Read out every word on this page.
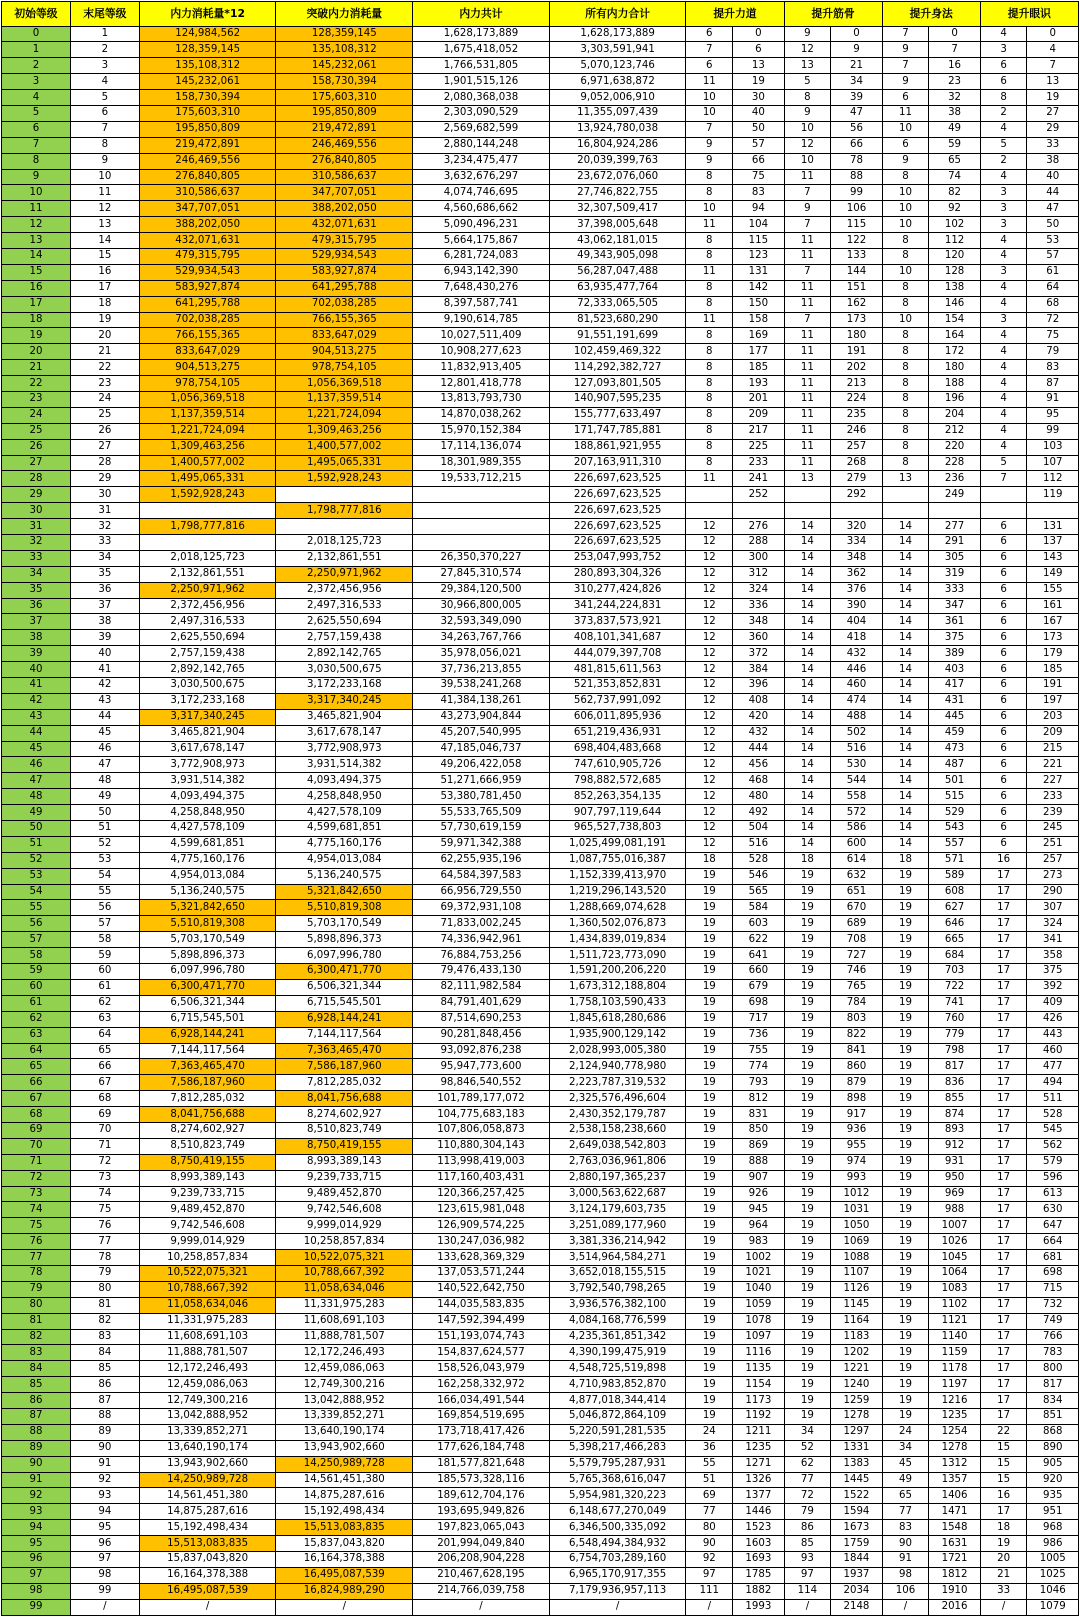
初始等级	末尾等级	内力消耗量*12	突破内力消耗量	内力共计	所有内力合计	提升力道		提升筋骨		提升身法		提升眼识	
0	1	124,984,562	128,359,145	1,628,173,889	1,628,173,889	6	0	9	0	7	0	4	0
1	2	128,359,145	135,108,312	1,675,418,052	3,303,591,941	7	6	12	9	9	7	3	4
2	3	135,108,312	145,232,061	1,766,531,805	5,070,123,746	6	13	13	21	7	16	6	7
3	4	145,232,061	158,730,394	1,901,515,126	6,971,638,872	11	19	5	34	9	23	6	13
4	5	158,730,394	175,603,310	2,080,368,038	9,052,006,910	10	30	8	39	6	32	8	19
5	6	175,603,310	195,850,809	2,303,090,529	11,355,097,439	10	40	9	47	11	38	2	27
6	7	195,850,809	219,472,891	2,569,682,599	13,924,780,038	7	50	10	56	10	49	4	29
7	8	219,472,891	246,469,556	2,880,144,248	16,804,924,286	9	57	12	66	6	59	5	33
8	9	246,469,556	276,840,805	3,234,475,477	20,039,399,763	9	66	10	78	9	65	2	38
9	10	276,840,805	310,586,637	3,632,676,297	23,672,076,060	8	75	11	88	8	74	4	40
10	11	310,586,637	347,707,051	4,074,746,695	27,746,822,755	8	83	7	99	10	82	3	44
11	12	347,707,051	388,202,050	4,560,686,662	32,307,509,417	10	94	9	106	10	92	3	47
12	13	388,202,050	432,071,631	5,090,496,231	37,398,005,648	11	104	7	115	10	102	3	50
13	14	432,071,631	479,315,795	5,664,175,867	43,062,181,015	8	115	11	122	8	112	4	53
14	15	479,315,795	529,934,543	6,281,724,083	49,343,905,098	8	123	11	133	8	120	4	57
15	16	529,934,543	583,927,874	6,943,142,390	56,287,047,488	11	131	7	144	10	128	3	61
16	17	583,927,874	641,295,788	7,648,430,276	63,935,477,764	8	142	11	151	8	138	4	64
17	18	641,295,788	702,038,285	8,397,587,741	72,333,065,505	8	150	11	162	8	146	4	68
18	19	702,038,285	766,155,365	9,190,614,785	81,523,680,290	11	158	7	173	10	154	3	72
19	20	766,155,365	833,647,029	10,027,511,409	91,551,191,699	8	169	11	180	8	164	4	75
20	21	833,647,029	904,513,275	10,908,277,623	102,459,469,322	8	177	11	191	8	172	4	79
21	22	904,513,275	978,754,105	11,832,913,405	114,292,382,727	8	185	11	202	8	180	4	83
22	23	978,754,105	1,056,369,518	12,801,418,778	127,093,801,505	8	193	11	213	8	188	4	87
23	24	1,056,369,518	1,137,359,514	13,813,793,730	140,907,595,235	8	201	11	224	8	196	4	91
24	25	1,137,359,514	1,221,724,094	14,870,038,262	155,777,633,497	8	209	11	235	8	204	4	95
25	26	1,221,724,094	1,309,463,256	15,970,152,384	171,747,785,881	8	217	11	246	8	212	4	99
26	27	1,309,463,256	1,400,577,002	17,114,136,074	188,861,921,955	8	225	11	257	8	220	4	103
27	28	1,400,577,002	1,495,065,331	18,301,989,355	207,163,911,310	8	233	11	268	8	228	5	107
28	29	1,495,065,331	1,592,928,243	19,533,712,215	226,697,623,525	11	241	13	279	13	236	7	112
29	30	1,592,928,243			226,697,623,525		252		292		249		119
30	31		1,798,777,816		226,697,623,525								
31	32	1,798,777,816			226,697,623,525	12	276	14	320	14	277	6	131
32	33		2,018,125,723		226,697,623,525	12	288	14	334	14	291	6	137
33	34	2,018,125,723	2,132,861,551	26,350,370,227	253,047,993,752	12	300	14	348	14	305	6	143
34	35	2,132,861,551	2,250,971,962	27,845,310,574	280,893,304,326	12	312	14	362	14	319	6	149
35	36	2,250,971,962	2,372,456,956	29,384,120,500	310,277,424,826	12	324	14	376	14	333	6	155
36	37	2,372,456,956	2,497,316,533	30,966,800,005	341,244,224,831	12	336	14	390	14	347	6	161
37	38	2,497,316,533	2,625,550,694	32,593,349,090	373,837,573,921	12	348	14	404	14	361	6	167
38	39	2,625,550,694	2,757,159,438	34,263,767,766	408,101,341,687	12	360	14	418	14	375	6	173
39	40	2,757,159,438	2,892,142,765	35,978,056,021	444,079,397,708	12	372	14	432	14	389	6	179
40	41	2,892,142,765	3,030,500,675	37,736,213,855	481,815,611,563	12	384	14	446	14	403	6	185
41	42	3,030,500,675	3,172,233,168	39,538,241,268	521,353,852,831	12	396	14	460	14	417	6	191
42	43	3,172,233,168	3,317,340,245	41,384,138,261	562,737,991,092	12	408	14	474	14	431	6	197
43	44	3,317,340,245	3,465,821,904	43,273,904,844	606,011,895,936	12	420	14	488	14	445	6	203
44	45	3,465,821,904	3,617,678,147	45,207,540,995	651,219,436,931	12	432	14	502	14	459	6	209
45	46	3,617,678,147	3,772,908,973	47,185,046,737	698,404,483,668	12	444	14	516	14	473	6	215
46	47	3,772,908,973	3,931,514,382	49,206,422,058	747,610,905,726	12	456	14	530	14	487	6	221
47	48	3,931,514,382	4,093,494,375	51,271,666,959	798,882,572,685	12	468	14	544	14	501	6	227
48	49	4,093,494,375	4,258,848,950	53,380,781,450	852,263,354,135	12	480	14	558	14	515	6	233
49	50	4,258,848,950	4,427,578,109	55,533,765,509	907,797,119,644	12	492	14	572	14	529	6	239
50	51	4,427,578,109	4,599,681,851	57,730,619,159	965,527,738,803	12	504	14	586	14	543	6	245
51	52	4,599,681,851	4,775,160,176	59,971,342,388	1,025,499,081,191	12	516	14	600	14	557	6	251
52	53	4,775,160,176	4,954,013,084	62,255,935,196	1,087,755,016,387	18	528	18	614	18	571	16	257
53	54	4,954,013,084	5,136,240,575	64,584,397,583	1,152,339,413,970	19	546	19	632	19	589	17	273
54	55	5,136,240,575	5,321,842,650	66,956,729,550	1,219,296,143,520	19	565	19	651	19	608	17	290
55	56	5,321,842,650	5,510,819,308	69,372,931,108	1,288,669,074,628	19	584	19	670	19	627	17	307
56	57	5,510,819,308	5,703,170,549	71,833,002,245	1,360,502,076,873	19	603	19	689	19	646	17	324
57	58	5,703,170,549	5,898,896,373	74,336,942,961	1,434,839,019,834	19	622	19	708	19	665	17	341
58	59	5,898,896,373	6,097,996,780	76,884,753,256	1,511,723,773,090	19	641	19	727	19	684	17	358
59	60	6,097,996,780	6,300,471,770	79,476,433,130	1,591,200,206,220	19	660	19	746	19	703	17	375
60	61	6,300,471,770	6,506,321,344	82,111,982,584	1,673,312,188,804	19	679	19	765	19	722	17	392
61	62	6,506,321,344	6,715,545,501	84,791,401,629	1,758,103,590,433	19	698	19	784	19	741	17	409
62	63	6,715,545,501	6,928,144,241	87,514,690,253	1,845,618,280,686	19	717	19	803	19	760	17	426
63	64	6,928,144,241	7,144,117,564	90,281,848,456	1,935,900,129,142	19	736	19	822	19	779	17	443
64	65	7,144,117,564	7,363,465,470	93,092,876,238	2,028,993,005,380	19	755	19	841	19	798	17	460
65	66	7,363,465,470	7,586,187,960	95,947,773,600	2,124,940,778,980	19	774	19	860	19	817	17	477
66	67	7,586,187,960	7,812,285,032	98,846,540,552	2,223,787,319,532	19	793	19	879	19	836	17	494
67	68	7,812,285,032	8,041,756,688	101,789,177,072	2,325,576,496,604	19	812	19	898	19	855	17	511
68	69	8,041,756,688	8,274,602,927	104,775,683,183	2,430,352,179,787	19	831	19	917	19	874	17	528
69	70	8,274,602,927	8,510,823,749	107,806,058,873	2,538,158,238,660	19	850	19	936	19	893	17	545
70	71	8,510,823,749	8,750,419,155	110,880,304,143	2,649,038,542,803	19	869	19	955	19	912	17	562
71	72	8,750,419,155	8,993,389,143	113,998,419,003	2,763,036,961,806	19	888	19	974	19	931	17	579
72	73	8,993,389,143	9,239,733,715	117,160,403,431	2,880,197,365,237	19	907	19	993	19	950	17	596
73	74	9,239,733,715	9,489,452,870	120,366,257,425	3,000,563,622,687	19	926	19	1012	19	969	17	613
74	75	9,489,452,870	9,742,546,608	123,615,981,048	3,124,179,603,735	19	945	19	1031	19	988	17	630
75	76	9,742,546,608	9,999,014,929	126,909,574,225	3,251,089,177,960	19	964	19	1050	19	1007	17	647
76	77	9,999,014,929	10,258,857,834	130,247,036,982	3,381,336,214,942	19	983	19	1069	19	1026	17	664
77	78	10,258,857,834	10,522,075,321	133,628,369,329	3,514,964,584,271	19	1002	19	1088	19	1045	17	681
78	79	10,522,075,321	10,788,667,392	137,053,571,244	3,652,018,155,515	19	1021	19	1107	19	1064	17	698
79	80	10,788,667,392	11,058,634,046	140,522,642,750	3,792,540,798,265	19	1040	19	1126	19	1083	17	715
80	81	11,058,634,046	11,331,975,283	144,035,583,835	3,936,576,382,100	19	1059	19	1145	19	1102	17	732
81	82	11,331,975,283	11,608,691,103	147,592,394,499	4,084,168,776,599	19	1078	19	1164	19	1121	17	749
82	83	11,608,691,103	11,888,781,507	151,193,074,743	4,235,361,851,342	19	1097	19	1183	19	1140	17	766
83	84	11,888,781,507	12,172,246,493	154,837,624,577	4,390,199,475,919	19	1116	19	1202	19	1159	17	783
84	85	12,172,246,493	12,459,086,063	158,526,043,979	4,548,725,519,898	19	1135	19	1221	19	1178	17	800
85	86	12,459,086,063	12,749,300,216	162,258,332,972	4,710,983,852,870	19	1154	19	1240	19	1197	17	817
86	87	12,749,300,216	13,042,888,952	166,034,491,544	4,877,018,344,414	19	1173	19	1259	19	1216	17	834
87	88	13,042,888,952	13,339,852,271	169,854,519,695	5,046,872,864,109	19	1192	19	1278	19	1235	17	851
88	89	13,339,852,271	13,640,190,174	173,718,417,426	5,220,591,281,535	24	1211	34	1297	24	1254	22	868
89	90	13,640,190,174	13,943,902,660	177,626,184,748	5,398,217,466,283	36	1235	52	1331	34	1278	15	890
90	91	13,943,902,660	14,250,989,728	181,577,821,648	5,579,795,287,931	55	1271	62	1383	45	1312	15	905
91	92	14,250,989,728	14,561,451,380	185,573,328,116	5,765,368,616,047	51	1326	77	1445	49	1357	15	920
92	93	14,561,451,380	14,875,287,616	189,612,704,176	5,954,981,320,223	69	1377	72	1522	65	1406	16	935
93	94	14,875,287,616	15,192,498,434	193,695,949,826	6,148,677,270,049	77	1446	79	1594	77	1471	17	951
94	95	15,192,498,434	15,513,083,835	197,823,065,043	6,346,500,335,092	80	1523	86	1673	83	1548	18	968
95	96	15,513,083,835	15,837,043,820	201,994,049,840	6,548,494,384,932	90	1603	85	1759	90	1631	19	986
96	97	15,837,043,820	16,164,378,388	206,208,904,228	6,754,703,289,160	92	1693	93	1844	91	1721	20	1005
97	98	16,164,378,388	16,495,087,539	210,467,628,195	6,965,170,917,355	97	1785	97	1937	98	1812	21	1025
98	99	16,495,087,539	16,824,989,290	214,766,039,758	7,179,936,957,113	111	1882	114	2034	106	1910	33	1046
99	/	/	/	/	/	/	1993	/	2148	/	2016	/	1079
